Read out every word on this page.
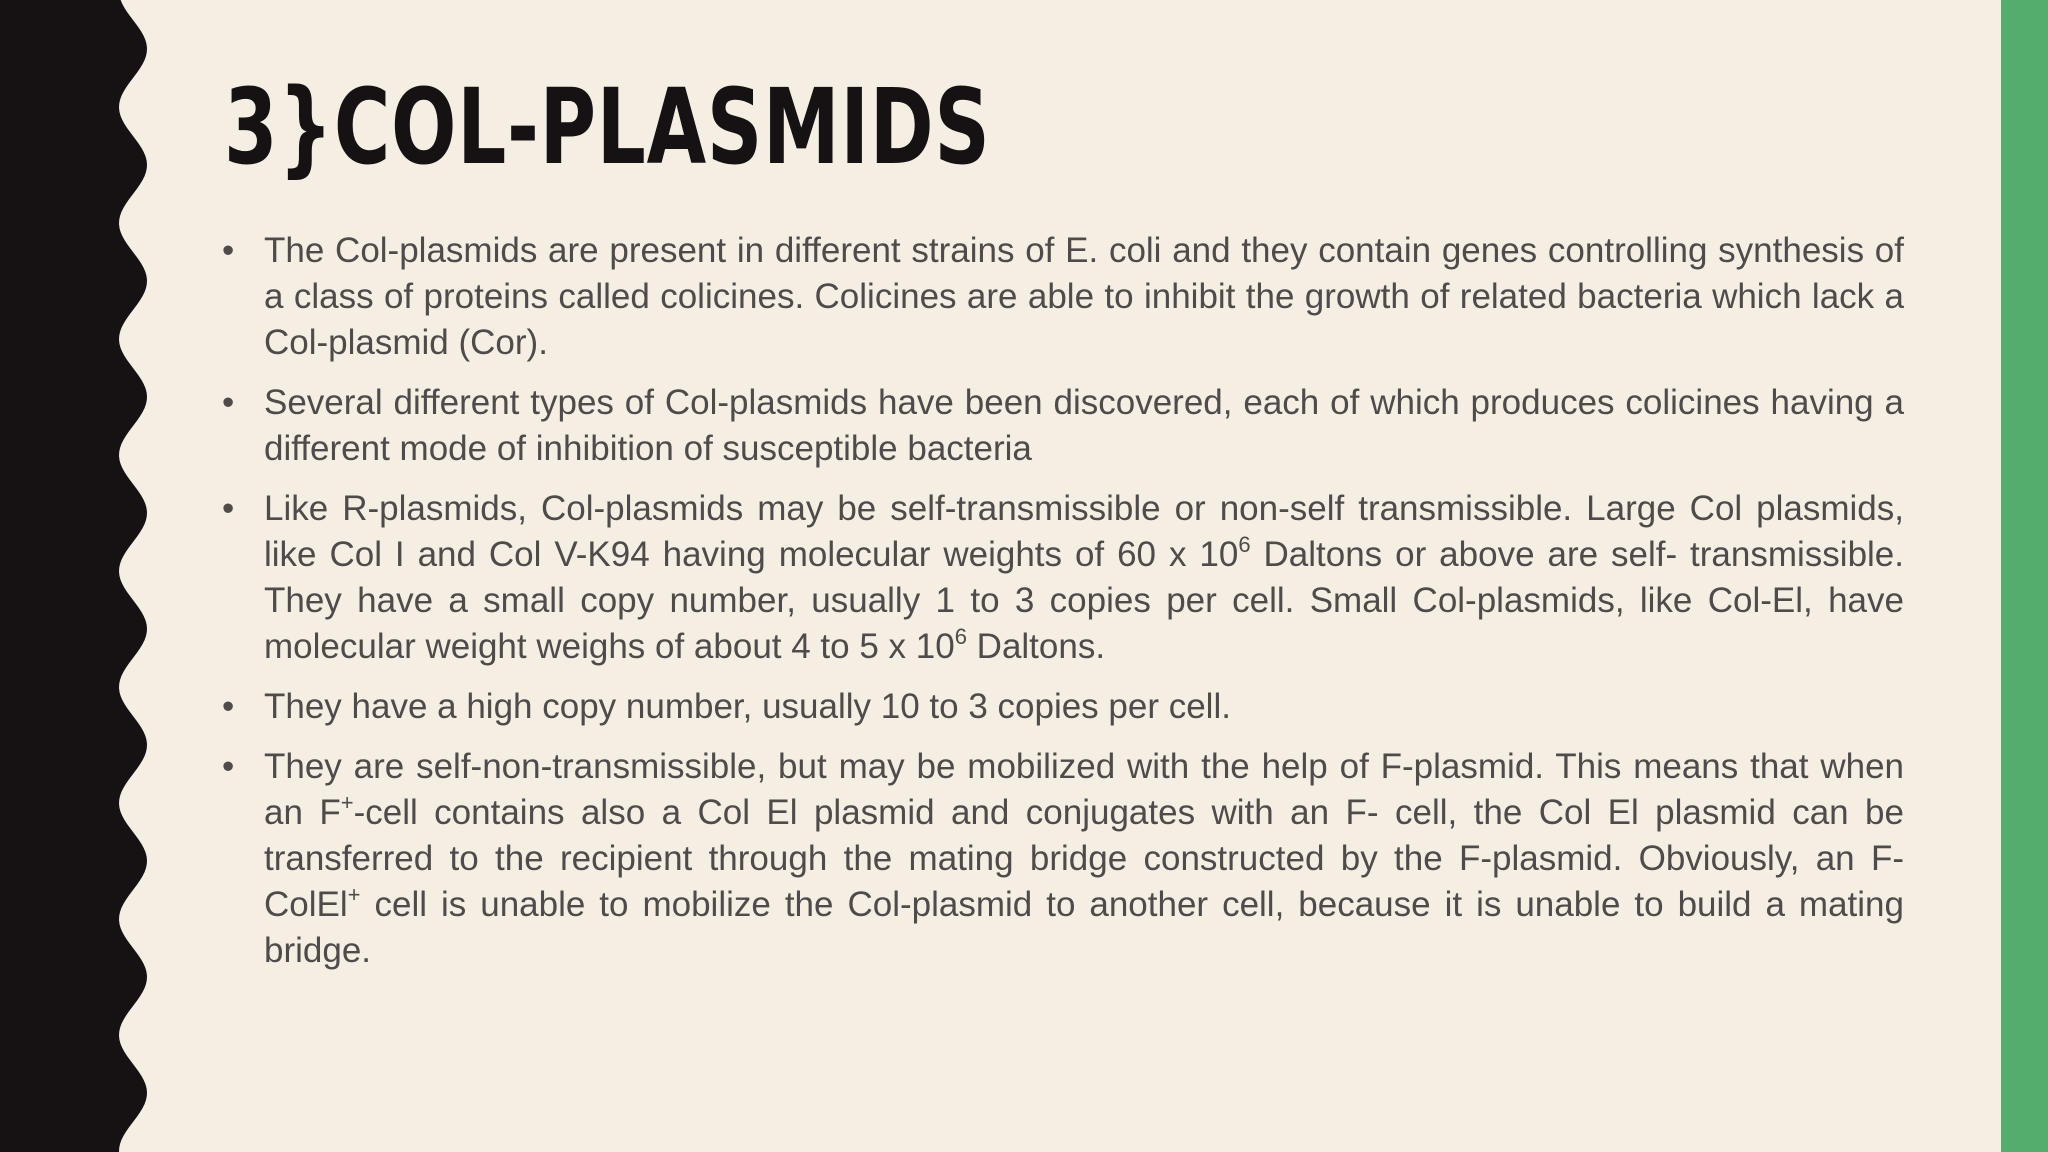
3}COL-PLASMIDS
• The Col-plasmids are present in different strains of E. coli and they contain genes controlling synthesis of a class of proteins called colicines. Colicines are able to inhibit the growth of related bacteria which lack a Col-plasmid (Cor).
• Several different types of Col-plasmids have been discovered, each of which produces colicines having a different mode of inhibition of susceptible bacteria
• Like R-plasmids, Col-plasmids may be self-transmissible or non-self transmissible. Large Col plasmids, like Col I and Col V-K94 having molecular weights of 60 x $10^6$ Daltons or above are self- transmissible. They have a small copy number, usually 1 to 3 copies per cell. Small Col-plasmids, like Col-El, have molecular weight weighs of about 4 to 5 x $10^6$ Daltons.
• They have a high copy number, usually 10 to 3 copies per cell.
• They are self-non-transmissible, but may be mobilized with the help of F-plasmid. This means that when an F+-cell contains also a Col El plasmid and conjugates with an F- cell, the Col El plasmid can be transferred to the recipient through the mating bridge constructed by the F-plasmid. Obviously, an F-ColEl+ cell is unable to mobilize the Col-plasmid to another cell, because it is unable to build a mating bridge.
